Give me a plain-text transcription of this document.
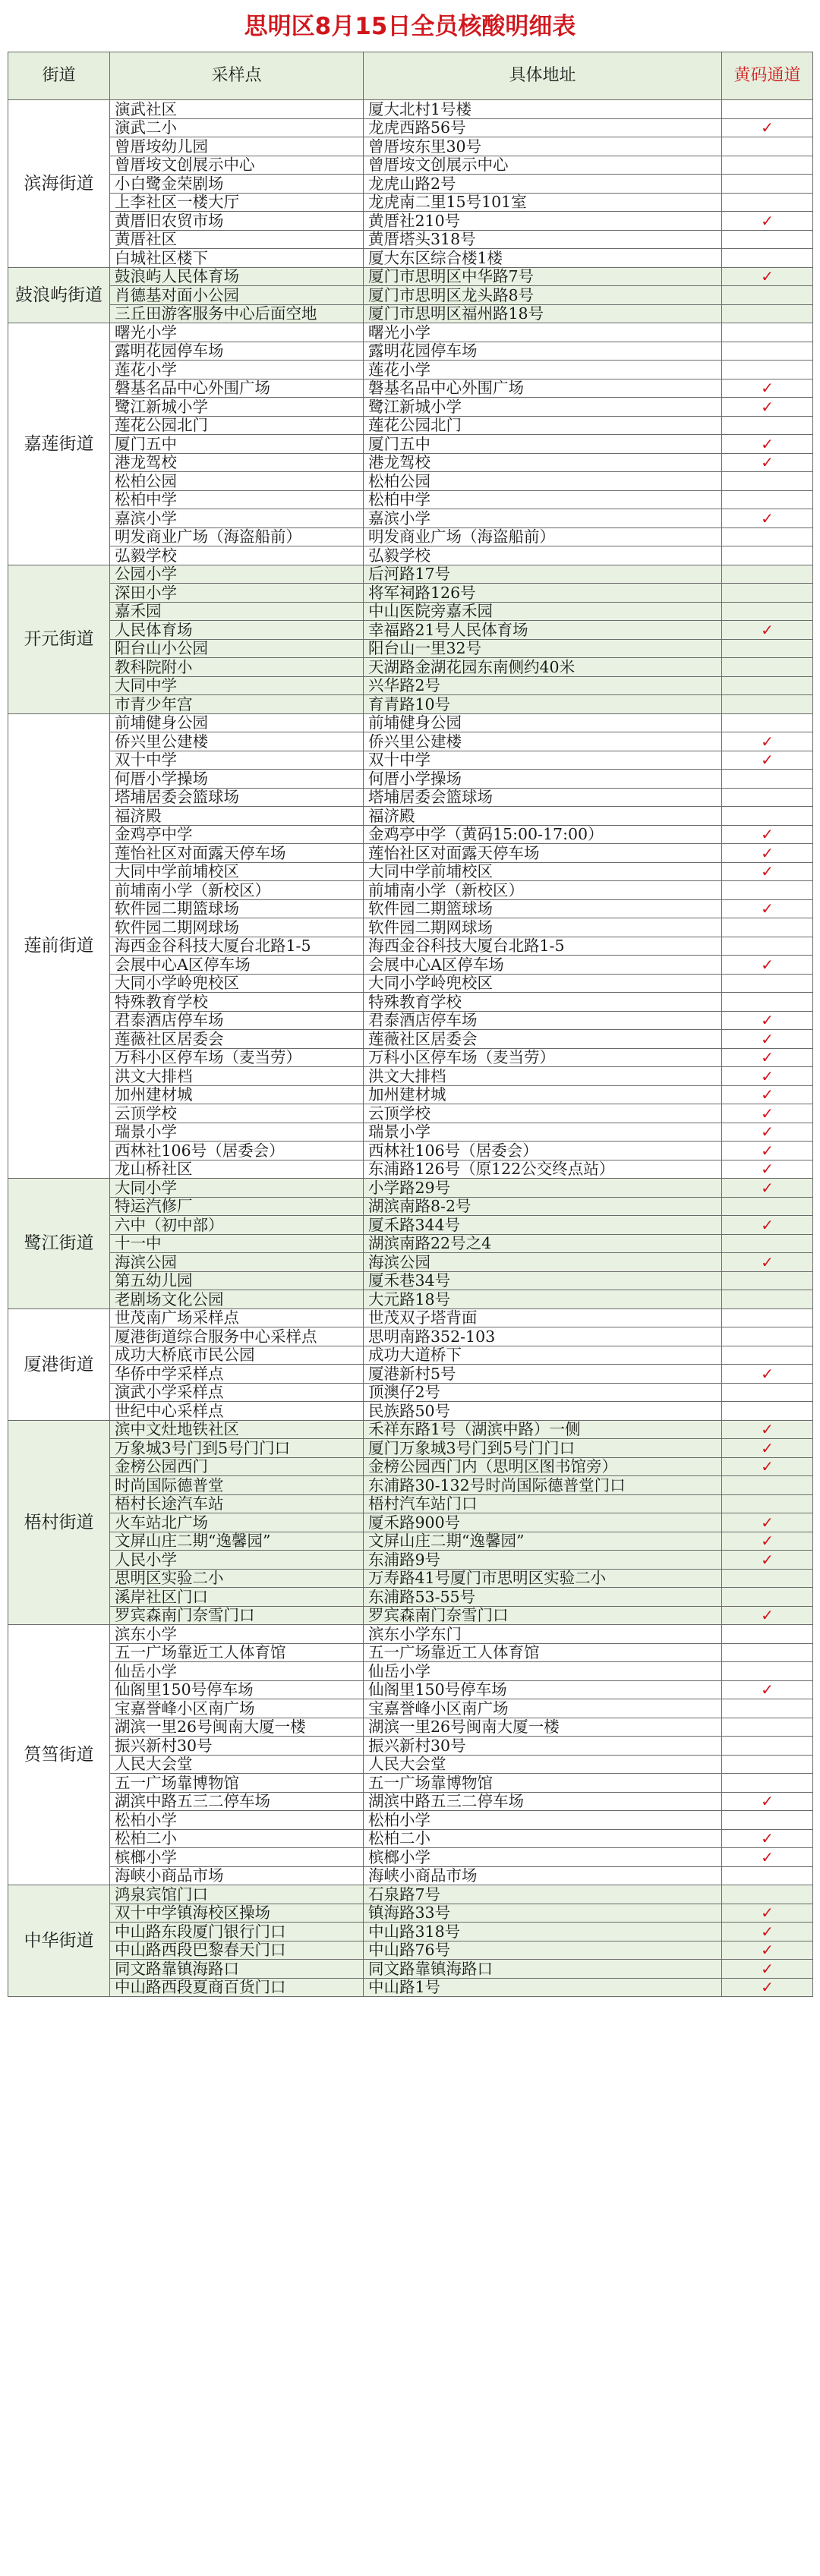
思明区8月15日全员核酸明细表
街道	采样点	具体地址	黄码通道
滨海街道	演武社区	厦大北村1号楼	
	演武二小	龙虎西路56号	✓
	曾厝垵幼儿园	曾厝垵东里30号	
	曾厝垵文创展示中心	曾厝垵文创展示中心	
	小白鹭金荣剧场	龙虎山路2号	
	上李社区一楼大厅	龙虎南二里15号101室	
	黄厝旧农贸市场	黄厝社210号	✓
	黄厝社区	黄厝塔头318号	
	白城社区楼下	厦大东区综合楼1楼	
鼓浪屿街道	鼓浪屿人民体育场	厦门市思明区中华路7号	✓
	肖德基对面小公园	厦门市思明区龙头路8号	
	三丘田游客服务中心后面空地	厦门市思明区福州路18号	
嘉莲街道	曙光小学	曙光小学	
	露明花园停车场	露明花园停车场	
	莲花小学	莲花小学	
	磐基名品中心外围广场	磐基名品中心外围广场	✓
	鹭江新城小学	鹭江新城小学	✓
	莲花公园北门	莲花公园北门	
	厦门五中	厦门五中	✓
	港龙驾校	港龙驾校	✓
	松柏公园	松柏公园	
	松柏中学	松柏中学	
	嘉滨小学	嘉滨小学	✓
	明发商业广场（海盗船前）	明发商业广场（海盗船前）	
	弘毅学校	弘毅学校	
开元街道	公园小学	后河路17号	
	深田小学	将军祠路126号	
	嘉禾园	中山医院旁嘉禾园	
	人民体育场	幸福路21号人民体育场	✓
	阳台山小公园	阳台山一里32号	
	教科院附小	天湖路金湖花园东南侧约40米	
	大同中学	兴华路2号	
	市青少年宫	育青路10号	
莲前街道	前埔健身公园	前埔健身公园	
	侨兴里公建楼	侨兴里公建楼	✓
	双十中学	双十中学	✓
	何厝小学操场	何厝小学操场	
	塔埔居委会篮球场	塔埔居委会篮球场	
	福济殿	福济殿	
	金鸡亭中学	金鸡亭中学（黄码15:00-17:00）	✓
	莲怡社区对面露天停车场	莲怡社区对面露天停车场	✓
	大同中学前埔校区	大同中学前埔校区	✓
	前埔南小学（新校区）	前埔南小学（新校区）	
	软件园二期篮球场	软件园二期篮球场	✓
	软件园二期网球场	软件园二期网球场	
	海西金谷科技大厦台北路1-5	海西金谷科技大厦台北路1-5	
	会展中心A区停车场	会展中心A区停车场	✓
	大同小学岭兜校区	大同小学岭兜校区	
	特殊教育学校	特殊教育学校	
	君泰酒店停车场	君泰酒店停车场	✓
	莲薇社区居委会	莲薇社区居委会	✓
	万科小区停车场（麦当劳）	万科小区停车场（麦当劳）	✓
	洪文大排档	洪文大排档	✓
	加州建材城	加州建材城	✓
	云顶学校	云顶学校	✓
	瑞景小学	瑞景小学	✓
	西林社106号（居委会）	西林社106号（居委会）	✓
	龙山桥社区	东浦路126号（原122公交终点站）	✓
鹭江街道	大同小学	小学路29号	✓
	特运汽修厂	湖滨南路8-2号	
	六中（初中部）	厦禾路344号	✓
	十一中	湖滨南路22号之4	
	海滨公园	海滨公园	✓
	第五幼儿园	厦禾巷34号	
	老剧场文化公园	大元路18号	
厦港街道	世茂南广场采样点	世茂双子塔背面	
	厦港街道综合服务中心采样点	思明南路352-103	
	成功大桥底市民公园	成功大道桥下	
	华侨中学采样点	厦港新村5号	✓
	演武小学采样点	顶澳仔2号	
	世纪中心采样点	民族路50号	
梧村街道	滨中文灶地铁社区	禾祥东路1号（湖滨中路）一侧	✓
	万象城3号门到5号门门口	厦门万象城3号门到5号门门口	✓
	金榜公园西门	金榜公园西门内（思明区图书馆旁）	✓
	时尚国际德普堂	东浦路30-132号时尚国际德普堂门口	
	梧村长途汽车站	梧村汽车站门口	
	火车站北广场	厦禾路900号	✓
	文屏山庄二期“逸馨园”	文屏山庄二期“逸馨园”	✓
	人民小学	东浦路9号	✓
	思明区实验二小	万寿路41号厦门市思明区实验二小	
	溪岸社区门口	东浦路53-55号	
	罗宾森南门奈雪门口	罗宾森南门奈雪门口	✓
筼筜街道	滨东小学	滨东小学东门	
	五一广场靠近工人体育馆	五一广场靠近工人体育馆	
	仙岳小学	仙岳小学	
	仙阁里150号停车场	仙阁里150号停车场	✓
	宝嘉誉峰小区南广场	宝嘉誉峰小区南广场	
	湖滨一里26号闽南大厦一楼	湖滨一里26号闽南大厦一楼	
	振兴新村30号	振兴新村30号	
	人民大会堂	人民大会堂	
	五一广场靠博物馆	五一广场靠博物馆	
	湖滨中路五三二停车场	湖滨中路五三二停车场	✓
	松柏小学	松柏小学	
	松柏二小	松柏二小	✓
	槟榔小学	槟榔小学	✓
	海峡小商品市场	海峡小商品市场	
中华街道	鸿泉宾馆门口	石泉路7号	
	双十中学镇海校区操场	镇海路33号	✓
	中山路东段厦门银行门口	中山路318号	✓
	中山路西段巴黎春天门口	中山路76号	✓
	同文路靠镇海路口	同文路靠镇海路口	✓
	中山路西段夏商百货门口	中山路1号	✓
